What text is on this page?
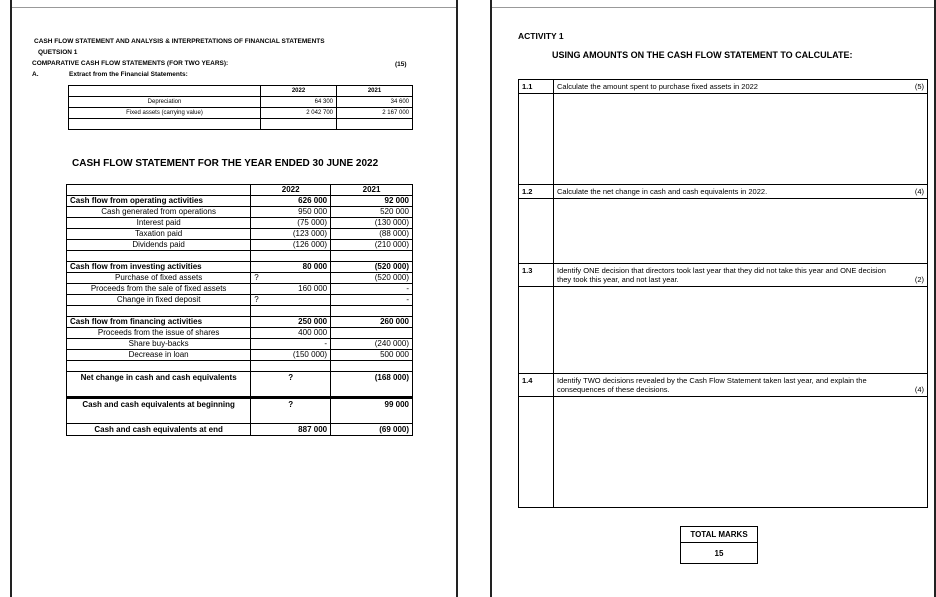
CASH FLOW STATEMENT AND ANALYSIS & INTERPRETATIONS OF FINANCIAL STATEMENTS
QUETSION 1
COMPARATIVE CASH FLOW STATEMENTS (FOR TWO YEARS):	(15)
A.	Extract from the Financial Statements:
	2022	2021
Depreciation	64 300	34 600
Fixed assets (carrying value)	2 042 700	2 167 000

CASH FLOW STATEMENT FOR THE YEAR ENDED 30 JUNE 2022
	2022	2021
Cash flow from operating activities	626 000	92 000
Cash generated from operations	950 000	520 000
Interest paid	(75 000)	(130 000)
Taxation paid	(123 000)	(88 000)
Dividends paid	(126 000)	(210 000)

Cash flow from investing activities	80 000	(520 000)
Purchase of fixed assets	?	(520 000)
Proceeds from the sale of fixed assets	160 000	-
Change in fixed deposit	?	-

Cash flow from financing activities	250 000	260 000
Proceeds from the issue of shares	400 000	
Share buy-backs	-	(240 000)
Decrease in loan	(150 000)	500 000

Net change in cash and cash equivalents	?	(168 000)
Cash and cash equivalents at beginning	?	99 000
Cash and cash equivalents at end	887 000	(69 000)
ACTIVITY 1
USING AMOUNTS ON THE CASH FLOW STATEMENT TO CALCULATE:
1.1	Calculate the amount spent to purchase fixed assets in 2022	(5)

1.2	Calculate the net change in cash and cash equivalents in 2022.	(4)

1.3	Identify ONE decision that directors took last year that they did not take this year and ONE decision they took this year, and not last year.	(2)

1.4	Identify TWO decisions revealed by the Cash Flow Statement taken last year, and explain the consequences of these decisions.	(4)

TOTAL MARKS
15
